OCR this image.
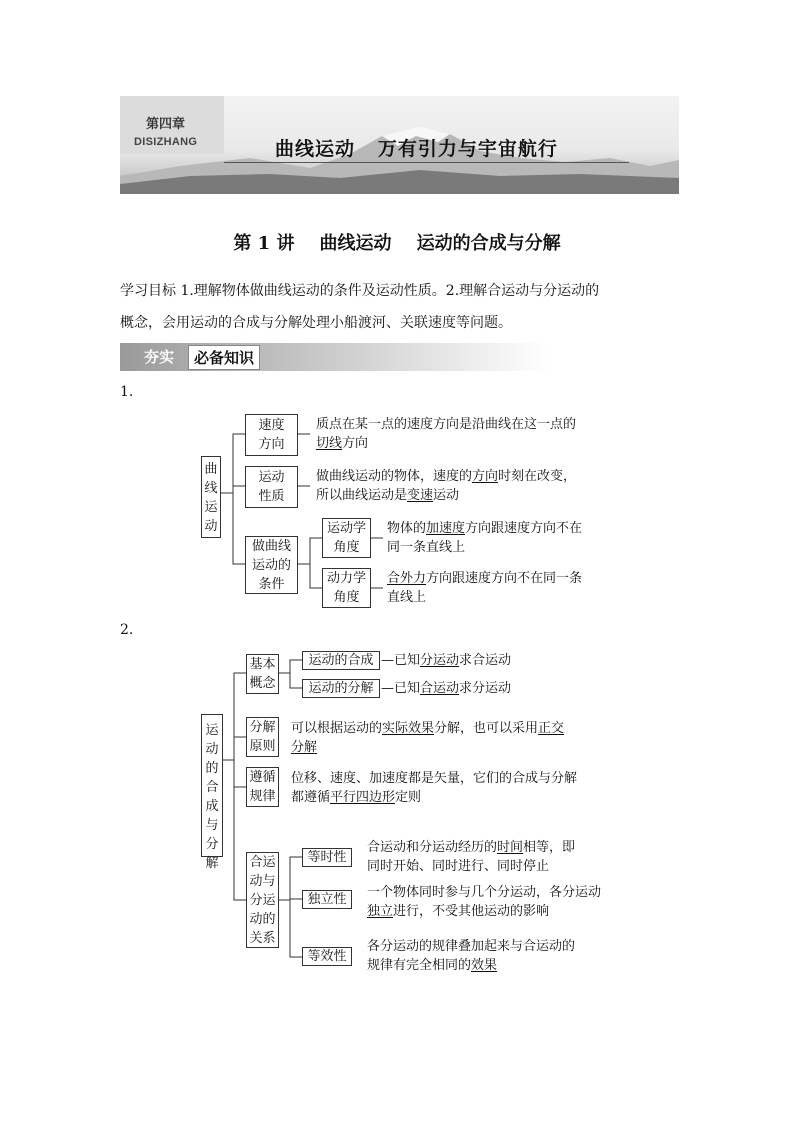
第四章
DISIZHANG	曲线运动   万有引力与宇宙航行
第 1 讲    曲线运动    运动的合成与分解
学习目标 1.理解物体做曲线运动的条件及运动性质。2.理解合运动与分运动的
概念，会用运动的合成与分解处理小船渡河、关联速度等问题。
夯实	必备知识
1.
曲
线
运
动
速度
方向
质点在某一点的速度方向是沿曲线在这一点的
切线方向
运动
性质
做曲线运动的物体，速度的方向时刻在改变，
所以曲线运动是变速运动
做曲线
运动的
条件
运动学
角度
物体的加速度方向跟速度方向不在
同一条直线上
动力学
角度
合外力方向跟速度方向不在同一条
直线上
2.
运
动
的
合
成
与
分
解
基本
概念
运动的合成 —已知分运动求合运动
运动的分解 —已知合运动求分运动
分解
原则
可以根据运动的实际效果分解，也可以采用正交
分解
遵循
规律
位移、速度、加速度都是矢量，它们的合成与分解
都遵循平行四边形定则
合运
动与
分运
动的
关系
等时性
合运动和分运动经历的时间相等，即
同时开始、同时进行、同时停止
独立性	一个物体同时参与几个分运动，各分运动
独立进行，不受其他运动的影响
等效性
各分运动的规律叠加起来与合运动的
规律有完全相同的效果
